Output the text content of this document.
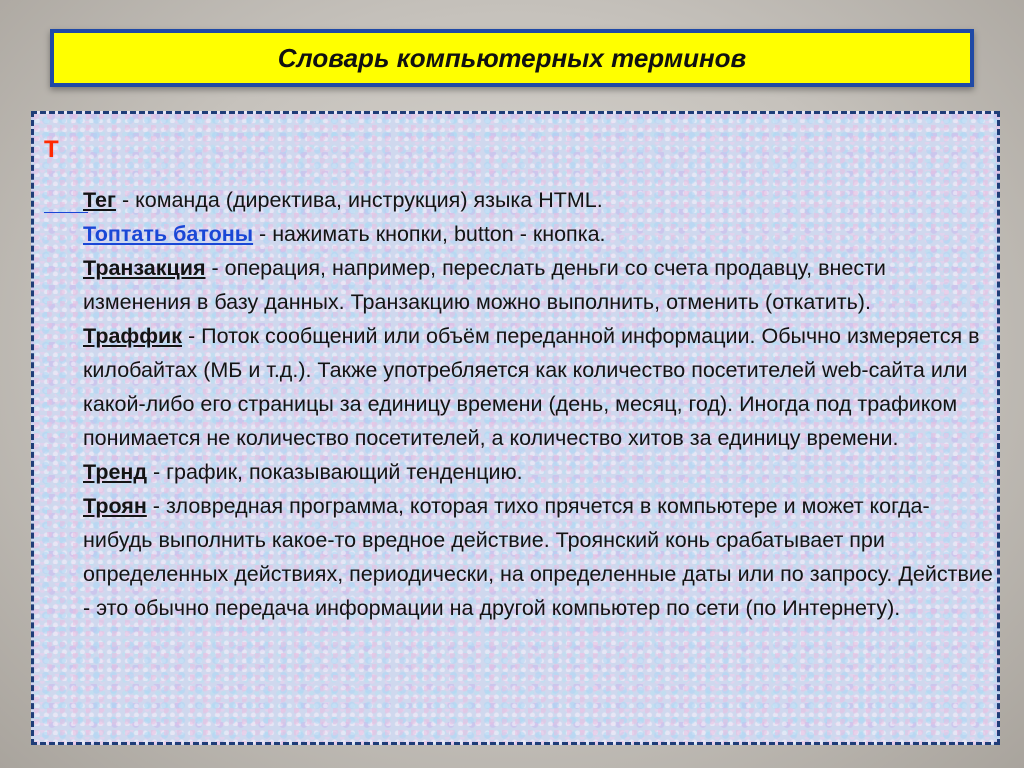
Словарь компьютерных терминов
Т

Тег - команда (директива, инструкция) языка HTML.

Топтать батоны - нажимать кнопки, button - кнопка.

Транзакция - операция, например, переслать деньги со счета продавцу, внести изменения в базу данных. Транзакцию можно выполнить, отменить (откатить).

Траффик - Поток сообщений или объём переданной информации. Обычно измеряется в килобайтах (МБ и т.д.). Также употребляется как количество посетителей web-сайта или какой-либо его страницы за единицу времени (день, месяц, год). Иногда под трафиком понимается не количество посетителей, а количество хитов за единицу времени.

Тренд - график, показывающий тенденцию.

Троян - зловредная программа, которая тихо прячется в компьютере и может когда-нибудь выполнить какое-то вредное действие. Троянский конь срабатывает при определенных действиях, периодически, на определенные даты или по запросу. Действие - это обычно передача информации на другой компьютер по сети (по Интернету).
